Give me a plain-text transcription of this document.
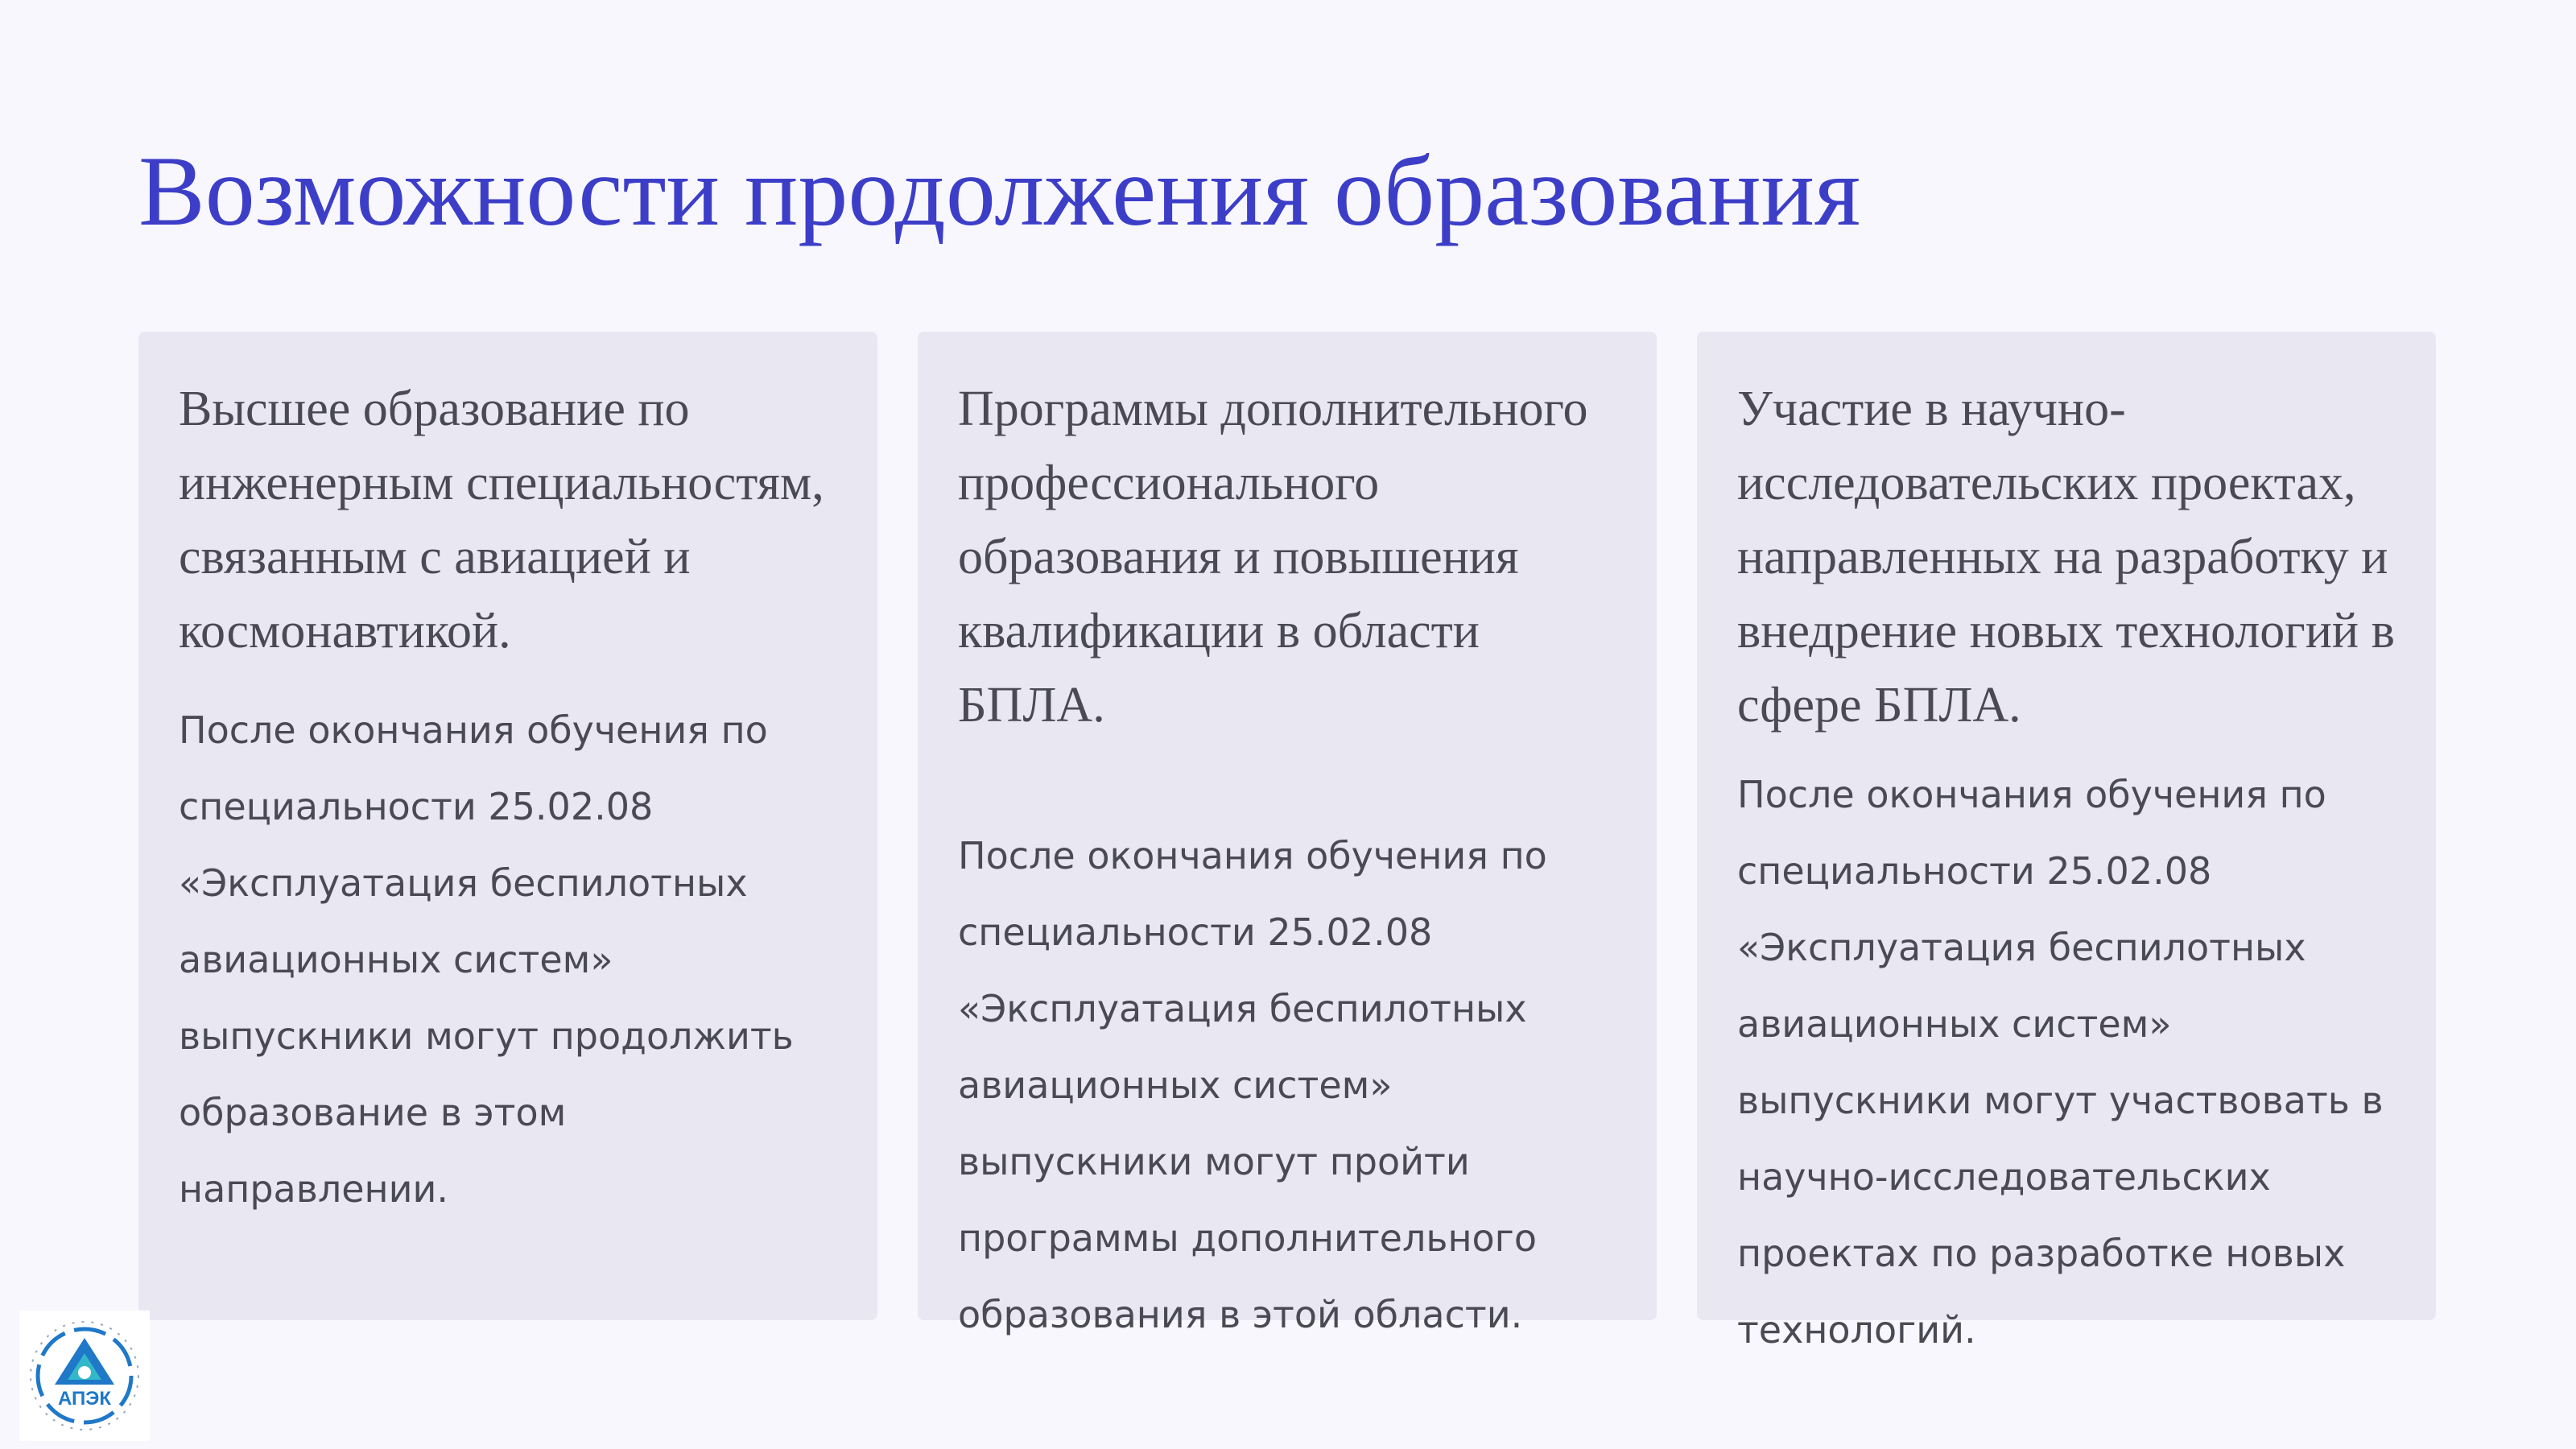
Возможности продолжения образования

Высшее образование по инженерным специальностям, связанным с авиацией и космонавтикой.

После окончания обучения по специальности 25.02.08 «Эксплуатация беспилотных авиационных систем» выпускники могут продолжить образование в этом направлении.

Программы дополнительного профессионального образования и повышения квалификации в области БПЛА.

После окончания обучения по специальности 25.02.08 «Эксплуатация беспилотных авиационных систем» выпускники могут пройти программы дополнительного образования в этой области.

Участие в научно-исследовательских проектах, направленных на разработку и внедрение новых технологий в сфере БПЛА.

После окончания обучения по специальности 25.02.08 «Эксплуатация беспилотных авиационных систем» выпускники могут участвовать в научно-исследовательских проектах по разработке новых технологий.

АПЭК
